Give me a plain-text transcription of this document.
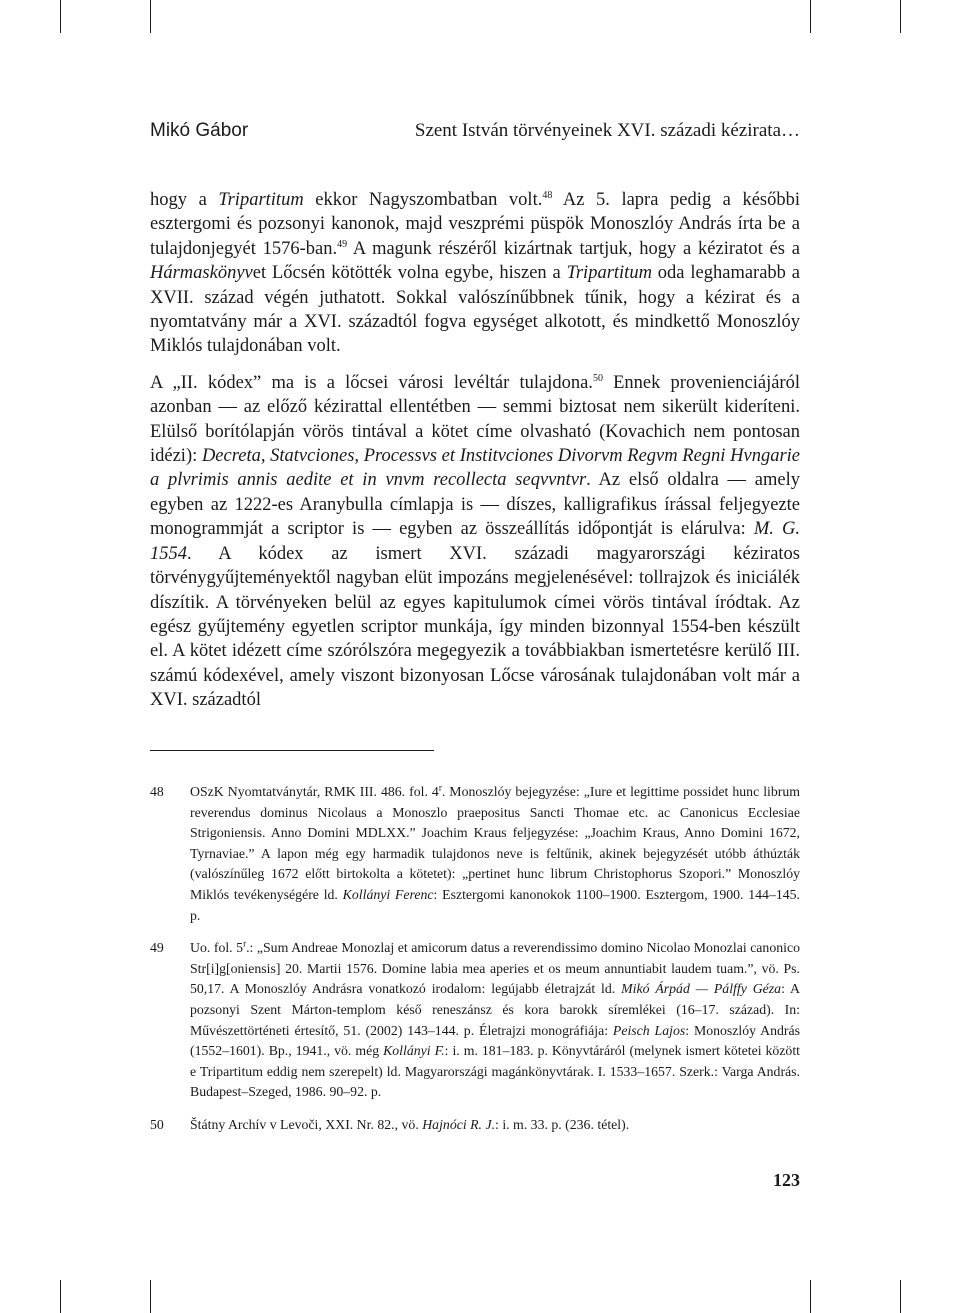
Mikó Gábor	Szent István törvényeinek XVI. századi kézirata…

hogy a Tripartitum ekkor Nagyszombatban volt.$^{48}$ Az 5. lapra pedig a későbbi esztergomi és pozsonyi kanonok, majd veszprémi püspök Monoszlóy András írta be a tulajdonjegyét 1576-ban.$^{49}$ A magunk részéről kizártnak tartjuk, hogy a kéziratot és a Hármaskönyvet Lőcsén kötötték volna egybe, hiszen a Tripartitum oda leghamarabb a XVII. század végén juthatott. Sokkal valószínűbbnek tűnik, hogy a kézirat és a nyomtatvány már a XVI. századtól fogva egységet alkotott, és mindkettő Monoszlóy Miklós tulajdonában volt.

A „II. kódex” ma is a lőcsei városi levéltár tulajdona.$^{50}$ Ennek provenienciájáról azonban — az előző kézirattal ellentétben — semmi biztosat nem sikerült kideríteni. Elülső borítólapján vörös tintával a kötet címe olvasható (Kovachich nem pontosan idézi): Decreta, Statvciones, Processvs et Institvciones Divorvm Regvm Regni Hvngarie a plvrimis annis aedite et in vnvm recollecta seqvvntvr. Az első oldalra — amely egyben az 1222-es Aranybulla címlapja is — díszes, kalligrafikus írással feljegyezte monogrammját a scriptor is — egyben az összeállítás időpontját is elárulva: M. G. 1554. A kódex az ismert XVI. századi magyarországi kéziratos törvénygyűjteményektől nagyban elüt impozáns megjelenésével: tollrajzok és iniciálék díszítik. A törvényeken belül az egyes kapitulumok címei vörös tintával íródtak. Az egész gyűjtemény egyetlen scriptor munkája, így minden bizonnyal 1554-ben készült el. A kötet idézett címe szórólszóra megegyezik a továbbiakban ismertetésre kerülő III. számú kódexével, amely viszont bizonyosan Lőcse városának tulajdonában volt már a XVI. századtól

48 OSzK Nyomtatványtár, RMK III. 486. fol. 4$^r$. Monoszlóy bejegyzése: „Iure et legittime possidet hunc librum reverendus dominus Nicolaus a Monoszlo praepositus Sancti Thomae etc. ac Canonicus Ecclesiae Strigoniensis. Anno Domini MDLXX.” Joachim Kraus feljegyzése: „Joachim Kraus, Anno Domini 1672, Tyrnaviae.” A lapon még egy harmadik tulajdonos neve is feltűnik, akinek bejegyzését utóbb áthúzták (valószínűleg 1672 előtt birtokolta a kötetet): „pertinet hunc librum Christophorus Szopori.” Monoszlóy Miklós tevékenységére ld. Kollányi Ferenc: Esztergomi kanonokok 1100–1900. Esztergom, 1900. 144–145. p.
49 Uo. fol. 5$^r$.: „Sum Andreae Monozlaj et amicorum datus a reverendissimo domino Nicolao Monozlai canonico Str[i]g[oniensis] 20. Martii 1576. Domine labia mea aperies et os meum annuntiabit laudem tuam.”, vö. Ps. 50,17. A Monoszlóy Andrásra vonatkozó irodalom: legújabb életrajzát ld. Mikó Árpád — Pálffy Géza: A pozsonyi Szent Márton-templom késő reneszánsz és kora barokk síremlékei (16–17. század). In: Művészettörténeti értesítő, 51. (2002) 143–144. p. Életrajzi monográfiája: Peisch Lajos: Monoszlóy András (1552–1601). Bp., 1941., vö. még Kollányi F.: i. m. 181–183. p. Könyvtáráról (melynek ismert kötetei között e Tripartitum eddig nem szerepelt) ld. Magyarországi magánkönyvtárak. I. 1533–1657. Szerk.: Varga András. Budapest–Szeged, 1986. 90–92. p.
50 Štátny Archív v Levoči, XXI. Nr. 82., vö. Hajnóci R. J.: i. m. 33. p. (236. tétel).
123
